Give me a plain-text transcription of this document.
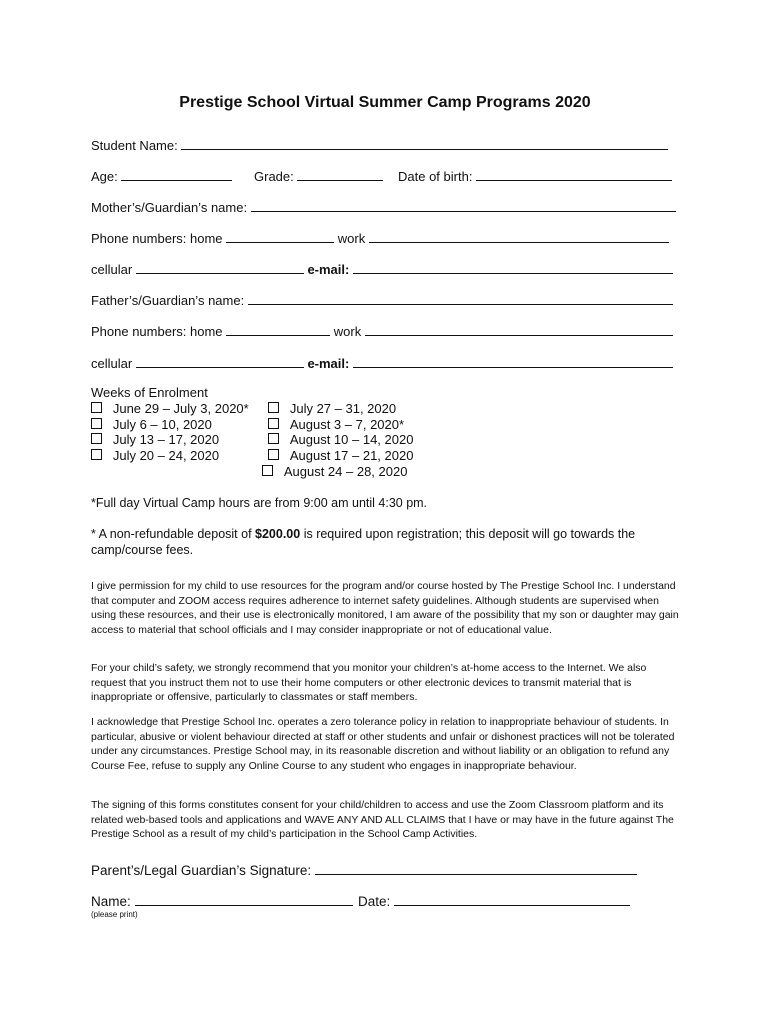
Prestige School Virtual Summer Camp Programs 2020
Student Name:
Age:	Grade:	Date of birth:
Mother’s/Guardian’s name:
Phone numbers: home	work
cellular	e-mail:
Father’s/Guardian’s name:
Phone numbers: home	work
cellular	e-mail:
Weeks of Enrolment
June 29 – July 3, 2020*
July 6 – 10, 2020
July 13 – 17, 2020
July 20 – 24, 2020
July 27 – 31, 2020
August 3 – 7, 2020*
August 10 – 14, 2020
August 17 – 21, 2020
August 24 – 28, 2020
*Full day Virtual Camp hours are from 9:00 am until 4:30 pm.
* A non-refundable deposit of $200.00 is required upon registration; this deposit will go towards the
camp/course fees.
I give permission for my child to use resources for the program and/or course hosted by The Prestige School Inc. I understand that computer and ZOOM access requires adherence to internet safety guidelines. Although students are supervised when using these resources, and their use is electronically monitored, I am aware of the possibility that my son or daughter may gain access to material that school officials and I may consider inappropriate or not of educational value.
For your child’s safety, we strongly recommend that you monitor your children’s at-home access to the Internet. We also request that you instruct them not to use their home computers or other electronic devices to transmit material that is inappropriate or offensive, particularly to classmates or staff members.
I acknowledge that Prestige School Inc. operates a zero tolerance policy in relation to inappropriate behaviour of students. In particular, abusive or violent behaviour directed at staff or other students and unfair or dishonest practices will not be tolerated under any circumstances. Prestige School may, in its reasonable discretion and without liability or an obligation to refund any Course Fee, refuse to supply any Online Course to any student who engages in inappropriate behaviour.
The signing of this forms constitutes consent for your child/children to access and use the Zoom Classroom platform and its related web-based tools and applications and WAVE ANY AND ALL CLAIMS that I have or may have in the future against The Prestige School as a result of my child’s participation in the School Camp Activities.
Parent’s/Legal Guardian’s Signature:
Name:	Date:
(please print)
